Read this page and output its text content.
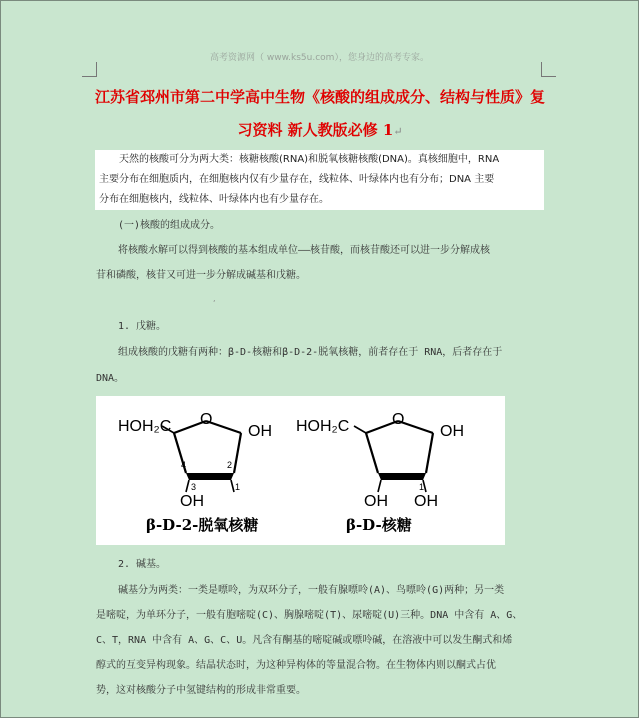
高考资源网（ www.ks5u.com），您身边的高考专家。
江苏省邳州市第二中学高中生物《核酸的组成成分、结构与性质》复
习资料 新人教版必修 1↵

天然的核酸可分为两大类：核糖核酸(RNA)和脱氧核糖核酸(DNA)。真核细胞中，RNA

主要分布在细胞质内，在细胞核内仅有少量存在，线粒体、叶绿体内也有分布；DNA 主要
分布在细胞核内，线粒体、叶绿体内也有少量存在。
(一)核酸的组成成分。
将核酸水解可以得到核酸的基本组成单位——核苷酸，而核苷酸还可以进一步分解成核
苷和磷酸，核苷又可进一步分解成碱基和戊糖。
,
1. 戊糖。
组成核酸的戊糖有两种：β-D-核糖和β-D-2-脱氧核糖，前者存在于 RNA，后者存在于
DNA。
HOH₂C O
OH
OH
4	2
3	1
β-D-2-脱氧核糖
HOH₂C	O
OH
OH OH
1
β-D-核糖
2. 碱基。
碱基分为两类：一类是嘌呤，为双环分子，一般有腺嘌呤(A)、鸟嘌呤(G)两种；另一类
是嘧啶，为单环分子，一般有胞嘧啶(C)、胸腺嘧啶(T)、尿嘧啶(U)三种。DNA 中含有 A、G、
C、T，RNA 中含有 A、G、C、U。凡含有酮基的嘧啶碱或嘌呤碱，在溶液中可以发生酮式和烯
醇式的互变异构现象。结晶状态时，为这种异构体的等量混合物。在生物体内则以酮式占优
势，这对核酸分子中氢键结构的形成非常重要。
